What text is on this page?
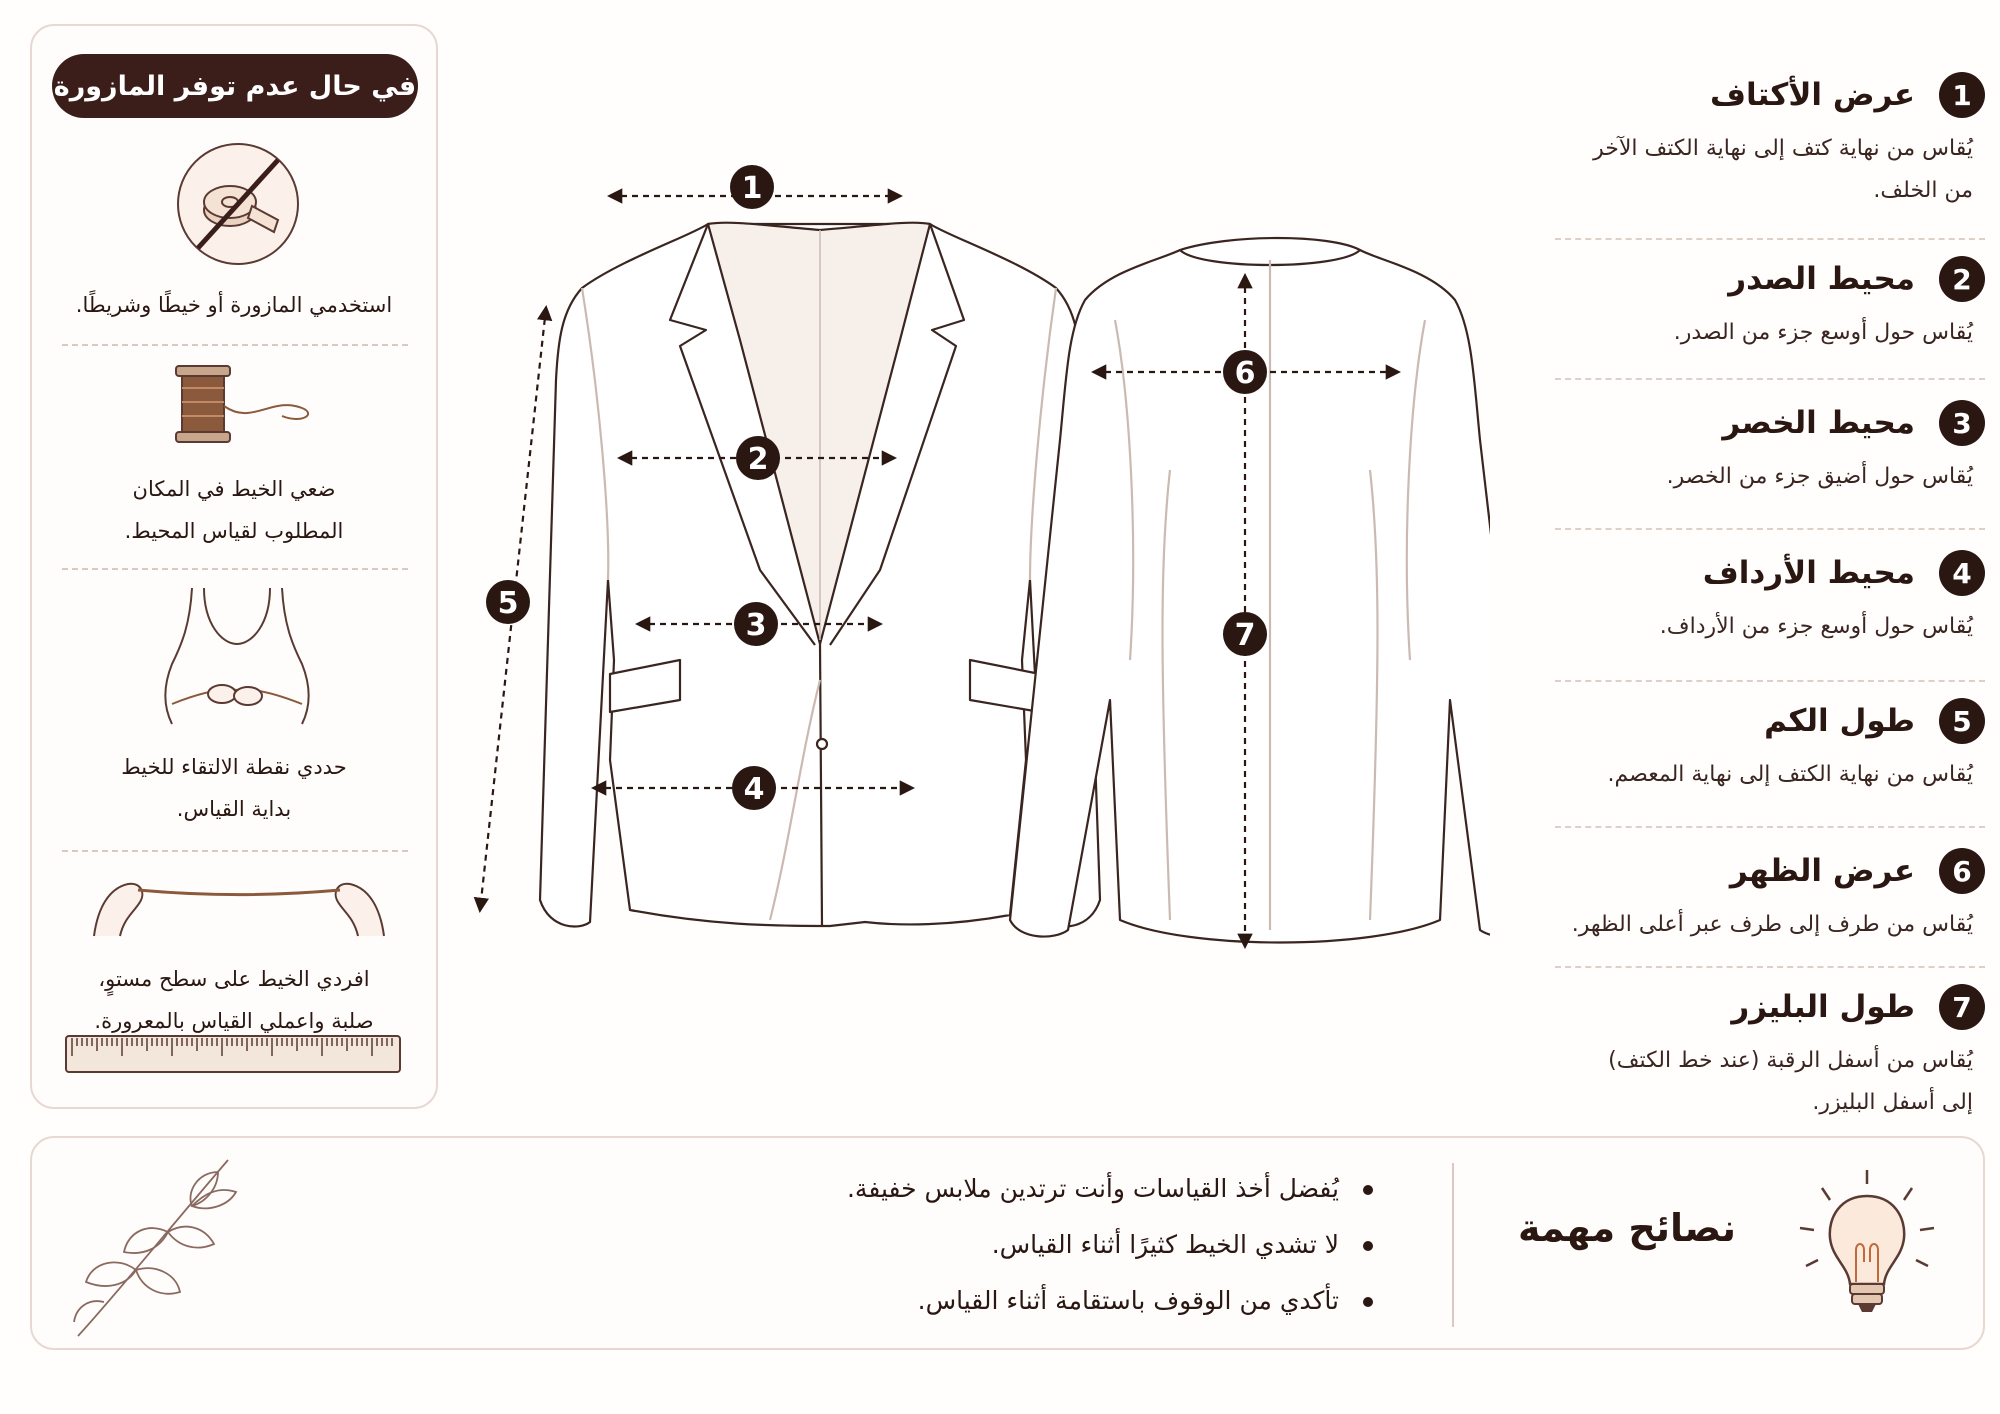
في حال عدم توفر المازورة
استخدمي المازورة أو خيطًا وشريطًا.
ضعي الخيط في المكان
المطلوب لقياس المحيط.
حددي نقطة الالتقاء للخيط
بداية القياس.
افردي الخيط على سطح مستوٍ،
صلبة واعملي القياس بالمعرورة.
1
2
3
4
5
6
7
1
عرض الأكتاف
يُقاس من نهاية كتف إلى نهاية الكتف الآخر
من الخلف.
2
محيط الصدر
يُقاس حول أوسع جزء من الصدر.
3
محيط الخصر
يُقاس حول أضيق جزء من الخصر.
4
محيط الأرداف
يُقاس حول أوسع جزء من الأرداف.
5
طول الكم
يُقاس من نهاية الكتف إلى نهاية المعصم.
6
عرض الظهر
يُقاس من طرف إلى طرف عبر أعلى الظهر.
7
طول البليزر
يُقاس من أسفل الرقبة (عند خط الكتف)
إلى أسفل البليزر.
نصائح مهمة
يُفضل أخذ القياسات وأنت ترتدين ملابس خفيفة.
لا تشدي الخيط كثيرًا أثناء القياس.
تأكدي من الوقوف باستقامة أثناء القياس.
